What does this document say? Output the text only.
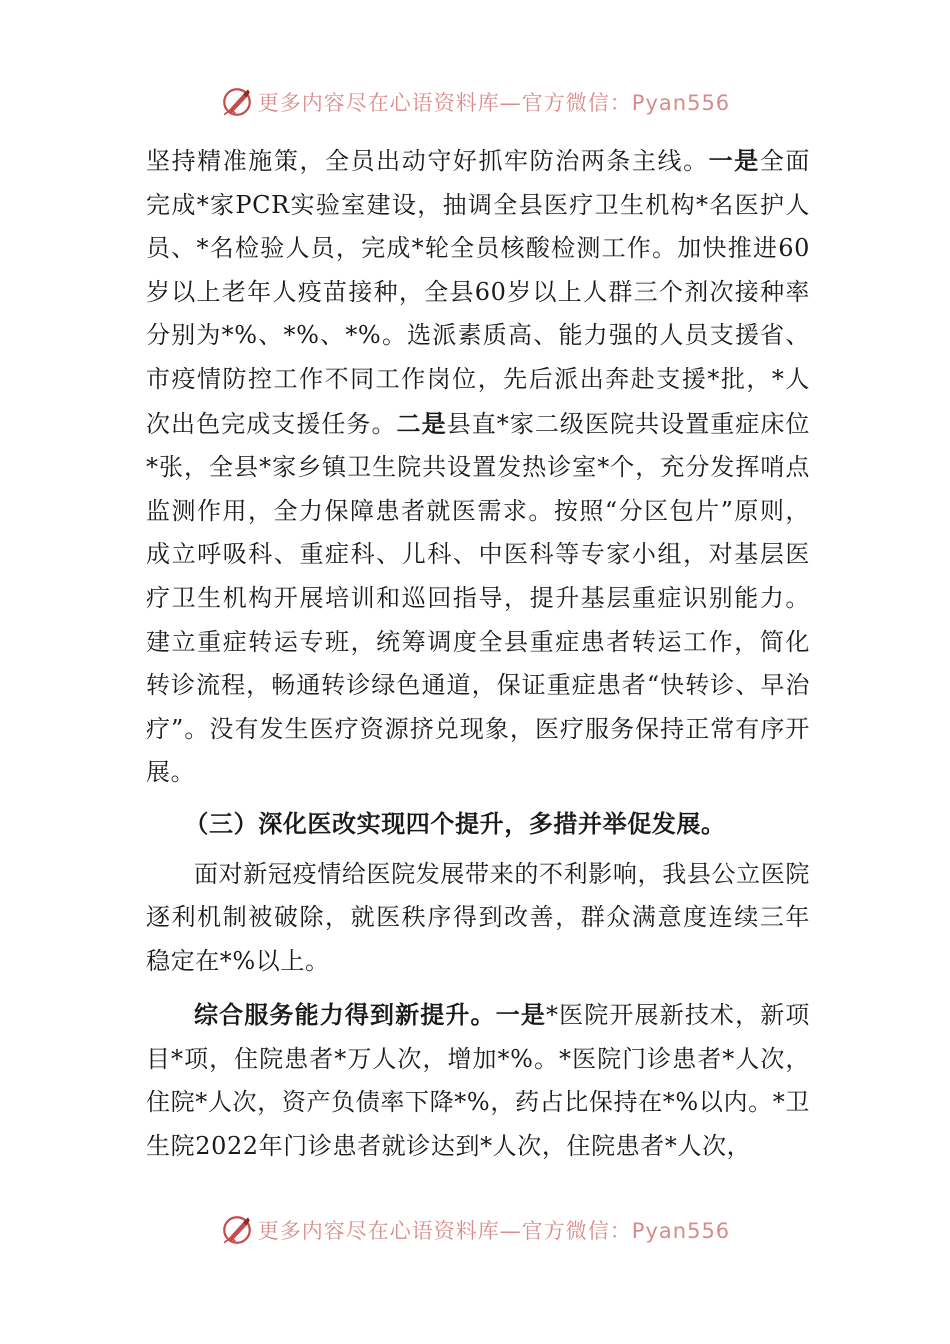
更多内容尽在心语资料库—官方微信：Pyan556

坚持精准施策，全员出动守好抓牢防治两条主线。一是全面完成*家PCR实验室建设，抽调全县医疗卫生机构*名医护人员、*名检验人员，完成*轮全员核酸检测工作。加快推进60岁以上老年人疫苗接种，全县60岁以上人群三个剂次接种率分别为*%、*%、*%。选派素质高、能力强的人员支援省、市疫情防控工作不同工作岗位，先后派出奔赴支援*批，*人次出色完成支援任务。二是县直*家二级医院共设置重症床位*张，全县*家乡镇卫生院共设置发热诊室*个，充分发挥哨点监测作用，全力保障患者就医需求。按照“分区包片”原则，成立呼吸科、重症科、儿科、中医科等专家小组，对基层医疗卫生机构开展培训和巡回指导，提升基层重症识别能力。建立重症转运专班，统筹调度全县重症患者转运工作，简化转诊流程，畅通转诊绿色通道，保证重症患者“快转诊、早治疗”。没有发生医疗资源挤兑现象，医疗服务保持正常有序开展。

（三）深化医改实现四个提升，多措并举促发展。

面对新冠疫情给医院发展带来的不利影响，我县公立医院逐利机制被破除，就医秩序得到改善，群众满意度连续三年稳定在*%以上。

综合服务能力得到新提升。一是*医院开展新技术，新项目*项，住院患者*万人次，增加*%。*医院门诊患者*人次，住院*人次，资产负债率下降*%，药占比保持在*%以内。*卫生院2022年门诊患者就诊达到*人次，住院患者*人次，

更多内容尽在心语资料库—官方微信：Pyan556
